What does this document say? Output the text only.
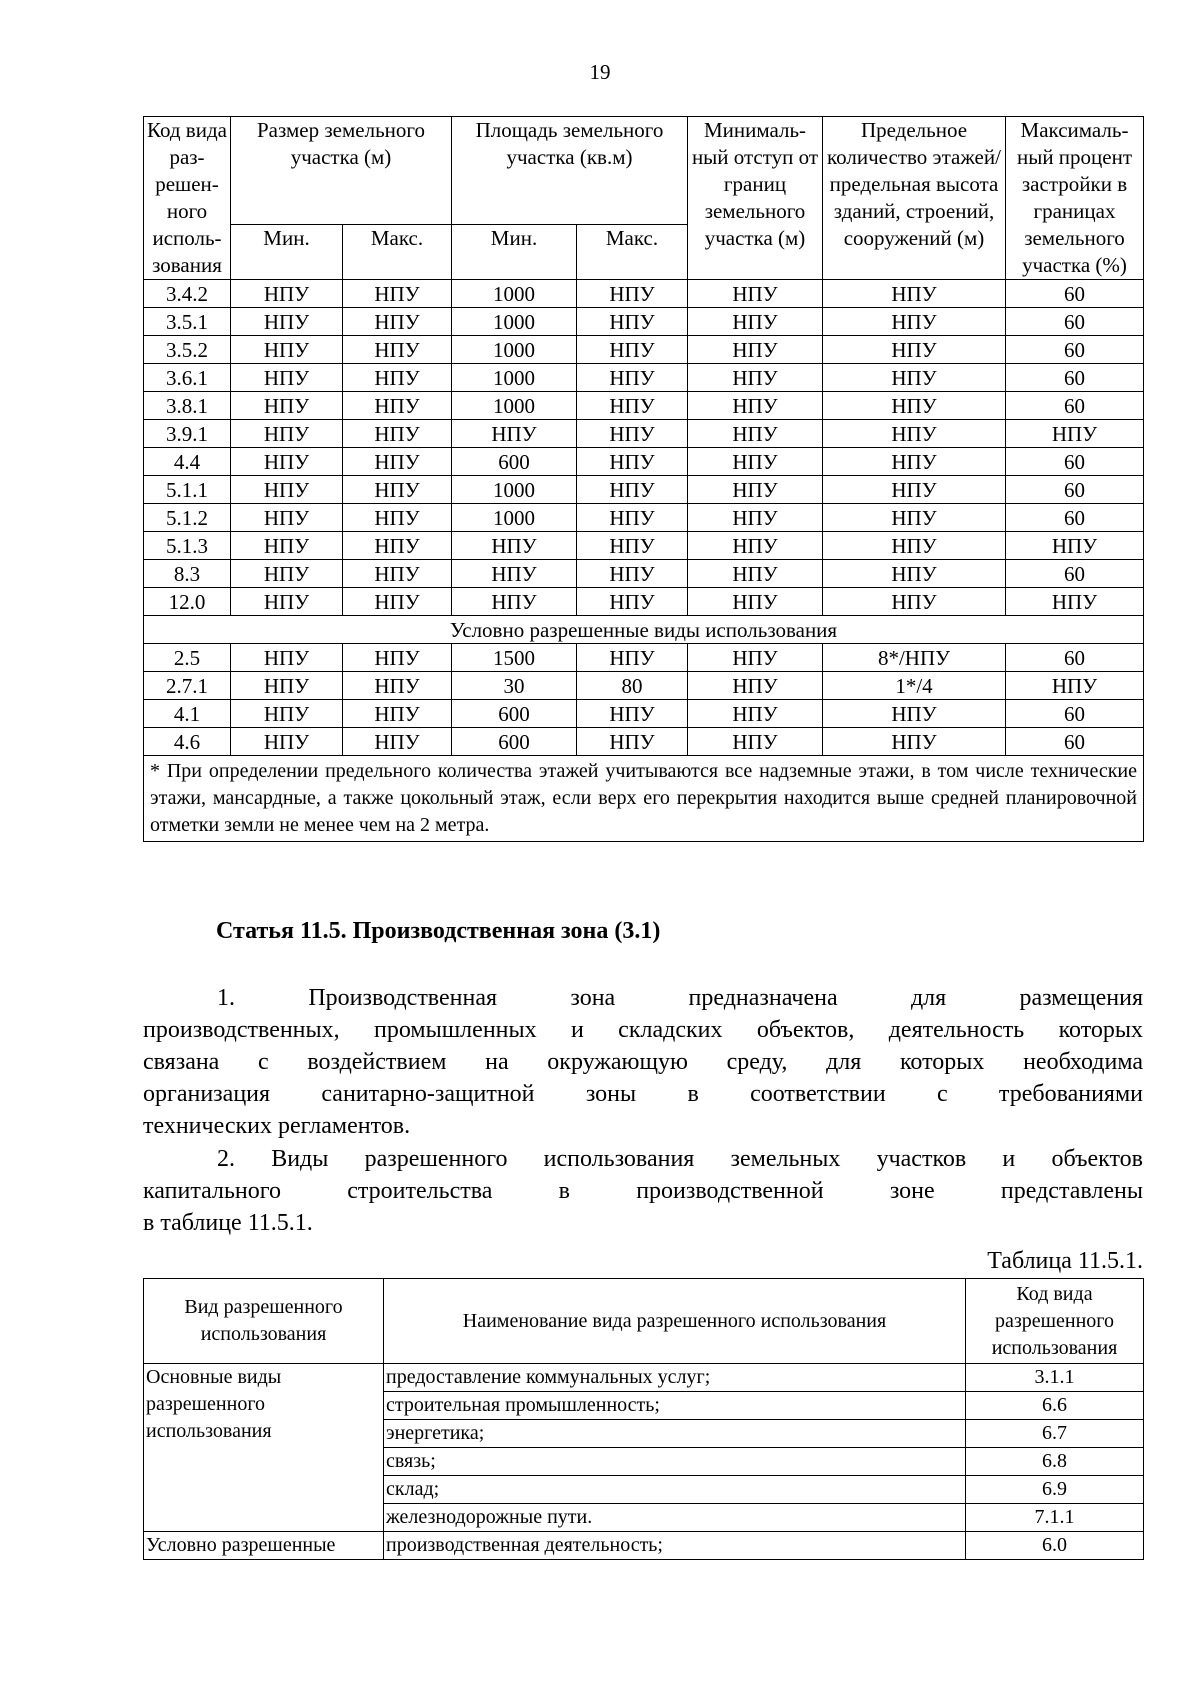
19
Код вида раз-решен-ного исполь-зования	Размер земельного участка (м)		Площадь земельного участка (кв.м)		Минималь-ный отступ от границ земельного участка (м)	Предельное количество этажей/ предельная высота зданий, строений, сооружений (м)	Максималь-ный процент застройки в границах земельного участка (%)
	Мин.	Макс.	Мин.	Макс.			
3.4.2	НПУ	НПУ	1000	НПУ	НПУ	НПУ	60
3.5.1	НПУ	НПУ	1000	НПУ	НПУ	НПУ	60
3.5.2	НПУ	НПУ	1000	НПУ	НПУ	НПУ	60
3.6.1	НПУ	НПУ	1000	НПУ	НПУ	НПУ	60
3.8.1	НПУ	НПУ	1000	НПУ	НПУ	НПУ	60
3.9.1	НПУ	НПУ	НПУ	НПУ	НПУ	НПУ	НПУ
4.4	НПУ	НПУ	600	НПУ	НПУ	НПУ	60
5.1.1	НПУ	НПУ	1000	НПУ	НПУ	НПУ	60
5.1.2	НПУ	НПУ	1000	НПУ	НПУ	НПУ	60
5.1.3	НПУ	НПУ	НПУ	НПУ	НПУ	НПУ	НПУ
8.3	НПУ	НПУ	НПУ	НПУ	НПУ	НПУ	60
12.0	НПУ	НПУ	НПУ	НПУ	НПУ	НПУ	НПУ
Условно разрешенные виды использования							
2.5	НПУ	НПУ	1500	НПУ	НПУ	8*/НПУ	60
2.7.1	НПУ	НПУ	30	80	НПУ	1*/4	НПУ
4.1	НПУ	НПУ	600	НПУ	НПУ	НПУ	60
4.6	НПУ	НПУ	600	НПУ	НПУ	НПУ	60
* При определении предельного количества этажей учитываются все надземные этажи, в том числе технические этажи, мансардные, а также цокольный этаж, если верх его перекрытия находится выше средней планировочной отметки земли не менее чем на 2 метра.							
Статья 11.5. Производственная зона (3.1)

1. Производственная зона предназначена для размещения

производственных, промышленных и складских объектов, деятельность которых

связана с воздействием на окружающую среду, для которых необходима

организация санитарно-защитной зоны в соответствии с требованиями

технических регламентов.

2. Виды разрешенного использования земельных участков и объектов

капитального строительства в производственной зоне представлены

в таблице 11.5.1.

Таблица 11.5.1.
Вид разрешенного использования	Наименование вида разрешенного использования	Код вида разрешенного использования
Основные виды разрешенного использования	предоставление коммунальных услуг;	3.1.1
	строительная промышленность;	6.6
	энергетика;	6.7
	связь;	6.8
	склад;	6.9
	железнодорожные пути.	7.1.1
Условно разрешенные	производственная деятельность;	6.0
